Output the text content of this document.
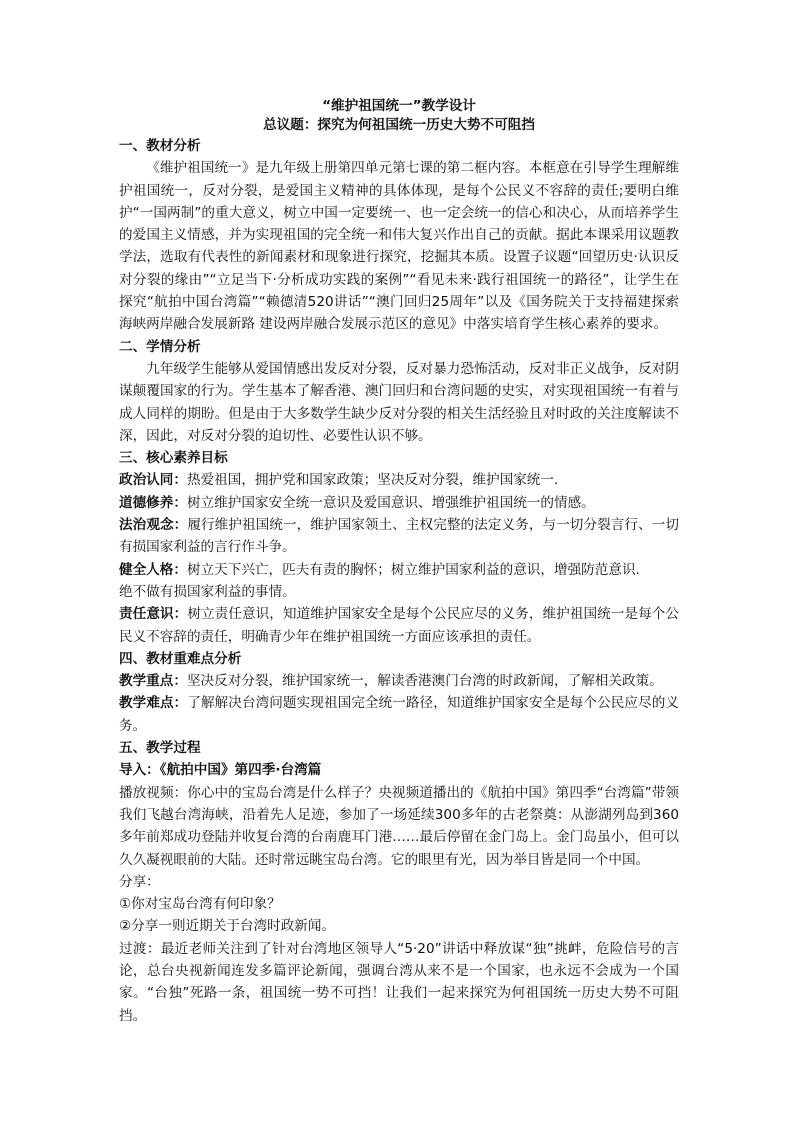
“维护祖国统一”教学设计
总议题：探究为何祖国统一历史大势不可阻挡
一、教材分析

《维护祖国统一》是九年级上册第四单元第七课的第二框内容。本框意在引导学生理解维护祖国统一，反对分裂，是爱国主义精神的具体体现，是每个公民义不容辞的责任;要明白维护“一国两制”的重大意义，树立中国一定要统一、也一定会统一的信心和决心，从而培养学生的爱国主义情感，并为实现祖国的完全统一和伟大复兴作出自己的贡献。据此本课采用议题教学法，选取有代表性的新闻素材和现象进行探究，挖掘其本质。设置子议题“回望历史·认识反对分裂的缘由”“立足当下·分析成功实践的案例”“看见未来·践行祖国统一的路径”，让学生在探究“航拍中国台湾篇”“赖德清520讲话”“澳门回归25周年”以及《国务院关于支持福建探索海峡两岸融合发展新路 建设两岸融合发展示范区的意见》中落实培育学生核心素养的要求。

二、学情分析

九年级学生能够从爱国情感出发反对分裂，反对暴力恐怖活动，反对非正义战争，反对阴谋颠覆国家的行为。学生基本了解香港、澳门回归和台湾问题的史实，对实现祖国统一有着与成人同样的期盼。但是由于大多数学生缺少反对分裂的相关生活经验且对时政的关注度解读不深，因此，对反对分裂的迫切性、必要性认识不够。

三、核心素养目标

政治认同：热爱祖国，拥护党和国家政策；坚决反对分裂，维护国家统一.

道德修养：树立维护国家安全统一意识及爱国意识、增强维护祖国统一的情感。

法治观念：履行维护祖国统一，维护国家领土、主权完整的法定义务，与一切分裂言行、一切有损国家利益的言行作斗争。

健全人格：树立天下兴亡，匹夫有责的胸怀；树立维护国家利益的意识，增强防范意识.
绝不做有损国家利益的事情。

责任意识：树立责任意识，知道维护国家安全是每个公民应尽的义务，维护祖国统一是每个公民义不容辞的责任，明确青少年在维护祖国统一方面应该承担的责任。

四、教材重难点分析

教学重点：坚决反对分裂，维护国家统一，解读香港澳门台湾的时政新闻，了解相关政策。

教学难点：了解解决台湾问题实现祖国完全统一路径，知道维护国家安全是每个公民应尽的义务。

五、教学过程
导入：《航拍中国》第四季·台湾篇

播放视频：你心中的宝岛台湾是什么样子？央视频道播出的《航拍中国》第四季“台湾篇”带领我们飞越台湾海峡，沿着先人足迹，参加了一场延续300多年的古老祭奠：从澎湖列岛到360多年前郑成功登陆并收复台湾的台南鹿耳门港……最后停留在金门岛上。金门岛虽小，但可以久久凝视眼前的大陆。还时常远眺宝岛台湾。它的眼里有光，因为举目皆是同一个中国。

分享：

①你对宝岛台湾有何印象？

②分享一则近期关于台湾时政新闻。

过渡：最近老师关注到了针对台湾地区领导人“5·20”讲话中释放谋“独”挑衅，危险信号的言论，总台央视新闻连发多篇评论新闻，强调台湾从来不是一个国家，也永远不会成为一个国家。“台独”死路一条，祖国统一势不可挡！让我们一起来探究为何祖国统一历史大势不可阻挡。
